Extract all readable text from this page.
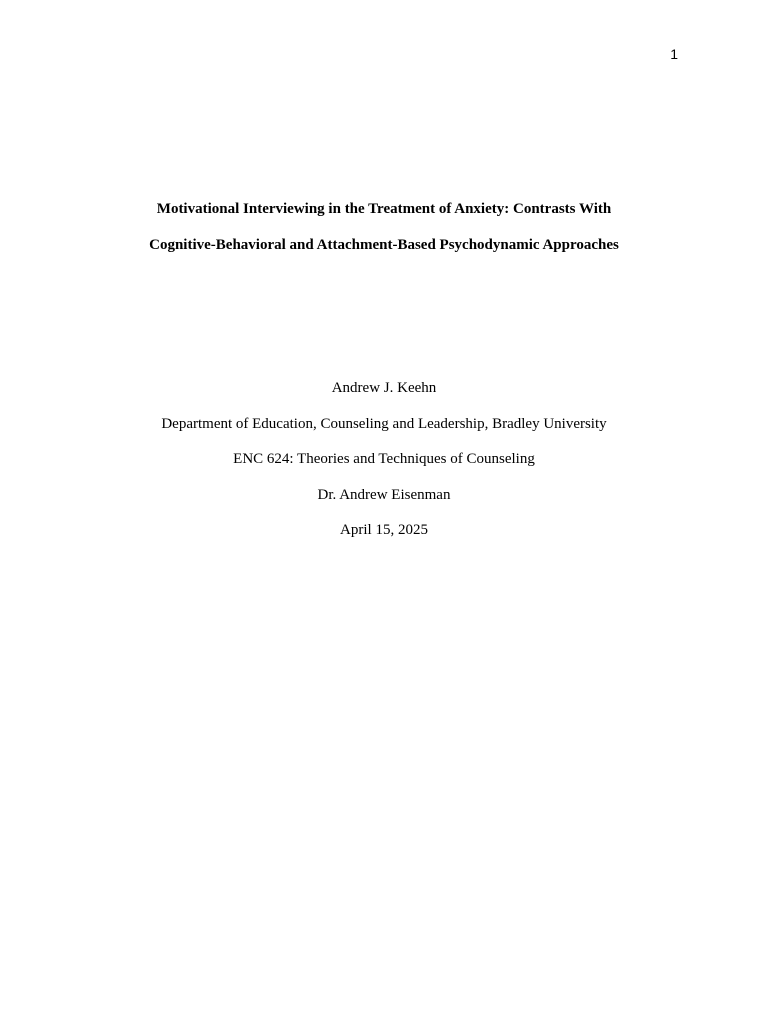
1
Motivational Interviewing in the Treatment of Anxiety: Contrasts With
Cognitive-Behavioral and Attachment-Based Psychodynamic Approaches
Andrew J. Keehn
Department of Education, Counseling and Leadership, Bradley University
ENC 624: Theories and Techniques of Counseling
Dr. Andrew Eisenman
April 15, 2025
